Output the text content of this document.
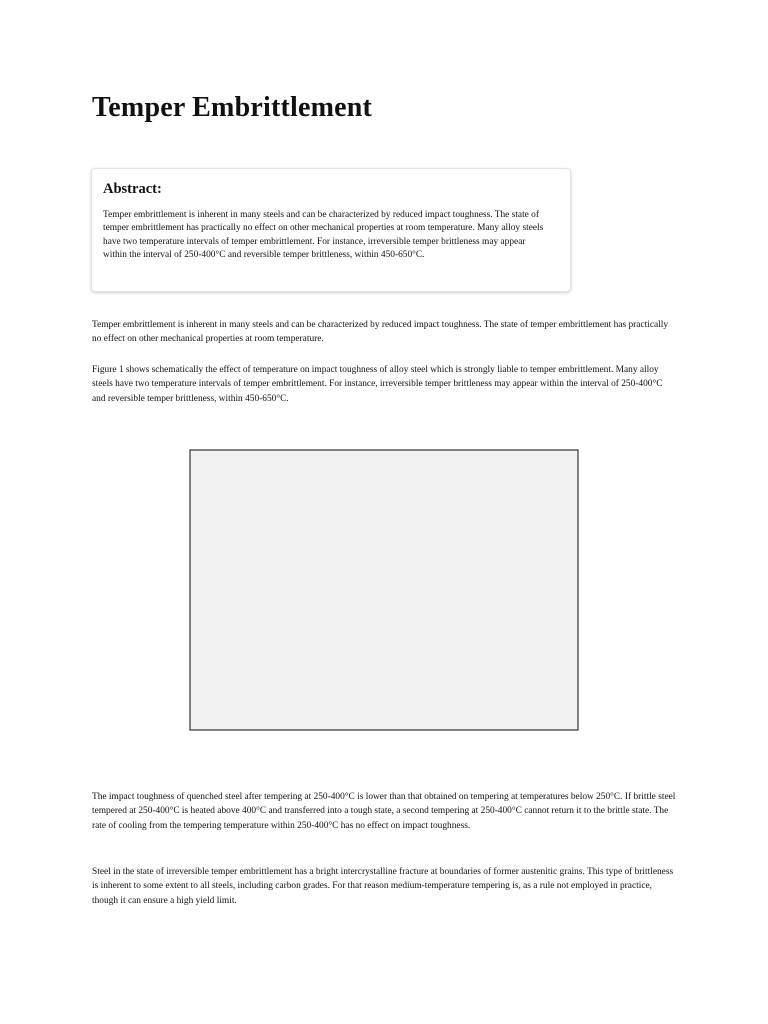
Temper Embrittlement
Abstract:

Temper embrittlement is inherent in many steels and can be characterized by reduced impact toughness. The state of temper embrittlement has practically no effect on other mechanical properties at room temperature. Many alloy steels have two temperature intervals of temper embrittlement. For instance, irreversible temper brittleness may appear within the interval of 250-400°C and reversible temper brittleness, within 450-650°C.

Temper embrittlement is inherent in many steels and can be characterized by reduced impact toughness. The state of temper embrittlement has practically no effect on other mechanical properties at room temperature.

Figure 1 shows schematically the effect of temperature on impact toughness of alloy steel which is strongly liable to temper embrittlement. Many alloy steels have two temperature intervals of temper embrittlement. For instance, irreversible temper brittleness may appear within the interval of 250-400°C and reversible temper brittleness, within 450-650°C.

The impact toughness of quenched steel after tempering at 250-400°C is lower than that obtained on tempering at temperatures below 250°C. If brittle steel tempered at 250-400°C is heated above 400°C and transferred into a tough state, a second tempering at 250-400°C cannot return it to the brittle state. The rate of cooling from the tempering temperature within 250-400°C has no effect on impact toughness.

Steel in the state of irreversible temper embrittlement has a bright intercrystalline fracture at boundaries of former austenitic grains. This type of brittleness is inherent to some extent to all steels, including carbon grades. For that reason medium-temperature tempering is, as a rule not employed in practice, though it can ensure a high yield limit.
